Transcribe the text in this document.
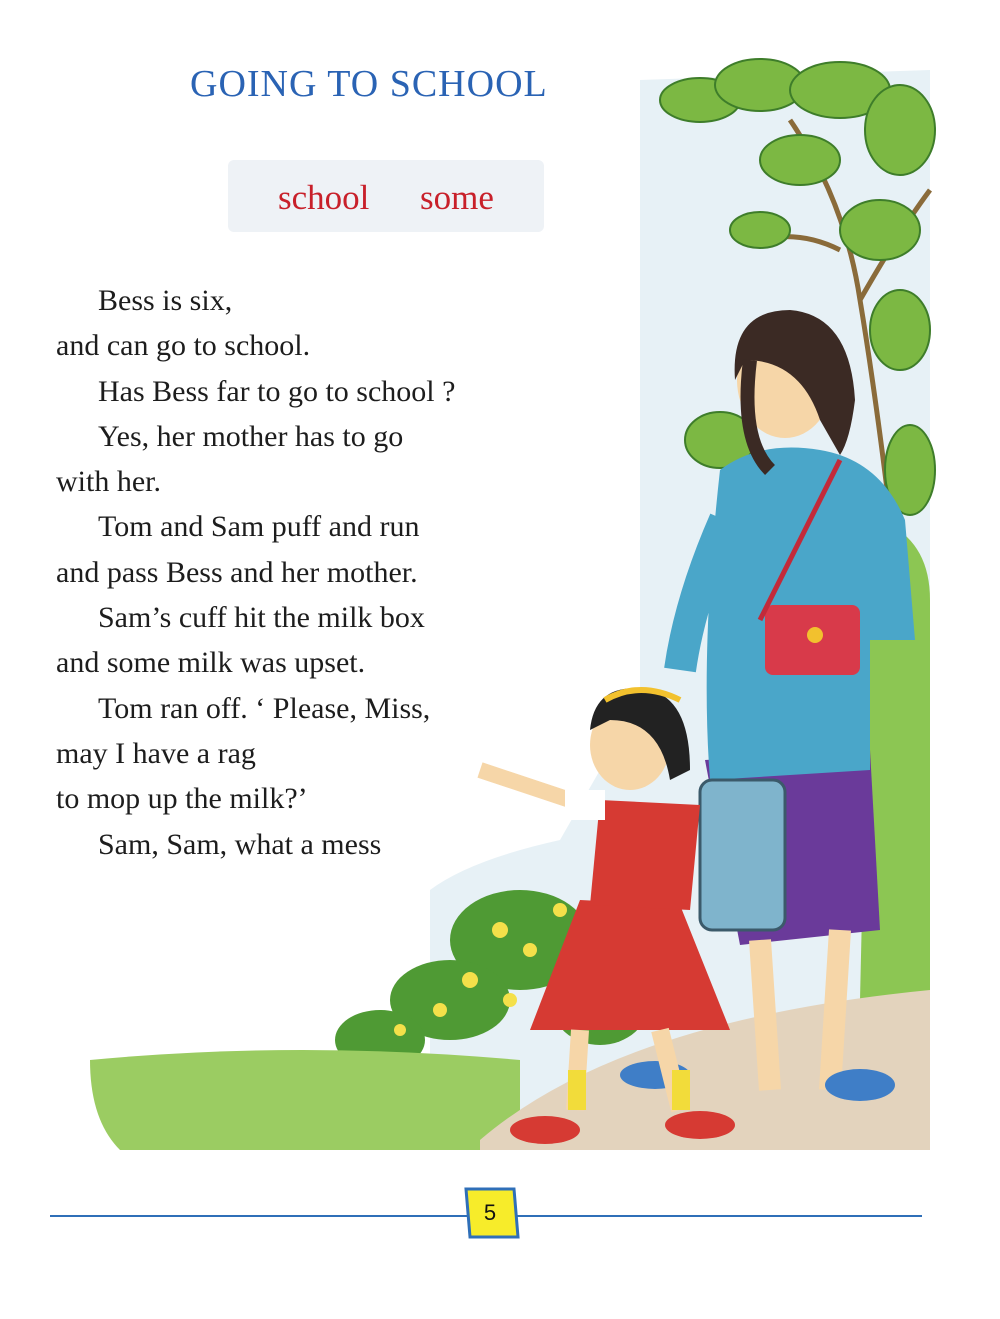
GOING TO SCHOOL
school some
Bess is six,
and can go to school.
Has Bess far to go to school ?
Yes, her mother has to go
with her.
Tom and Sam puff and run
and pass Bess and her mother.
Sam’s cuff hit the milk box
and some milk was upset.
Tom ran off. ‘ Please, Miss,
may I have a rag
to mop up the milk?’
Sam, Sam, what a mess
5
